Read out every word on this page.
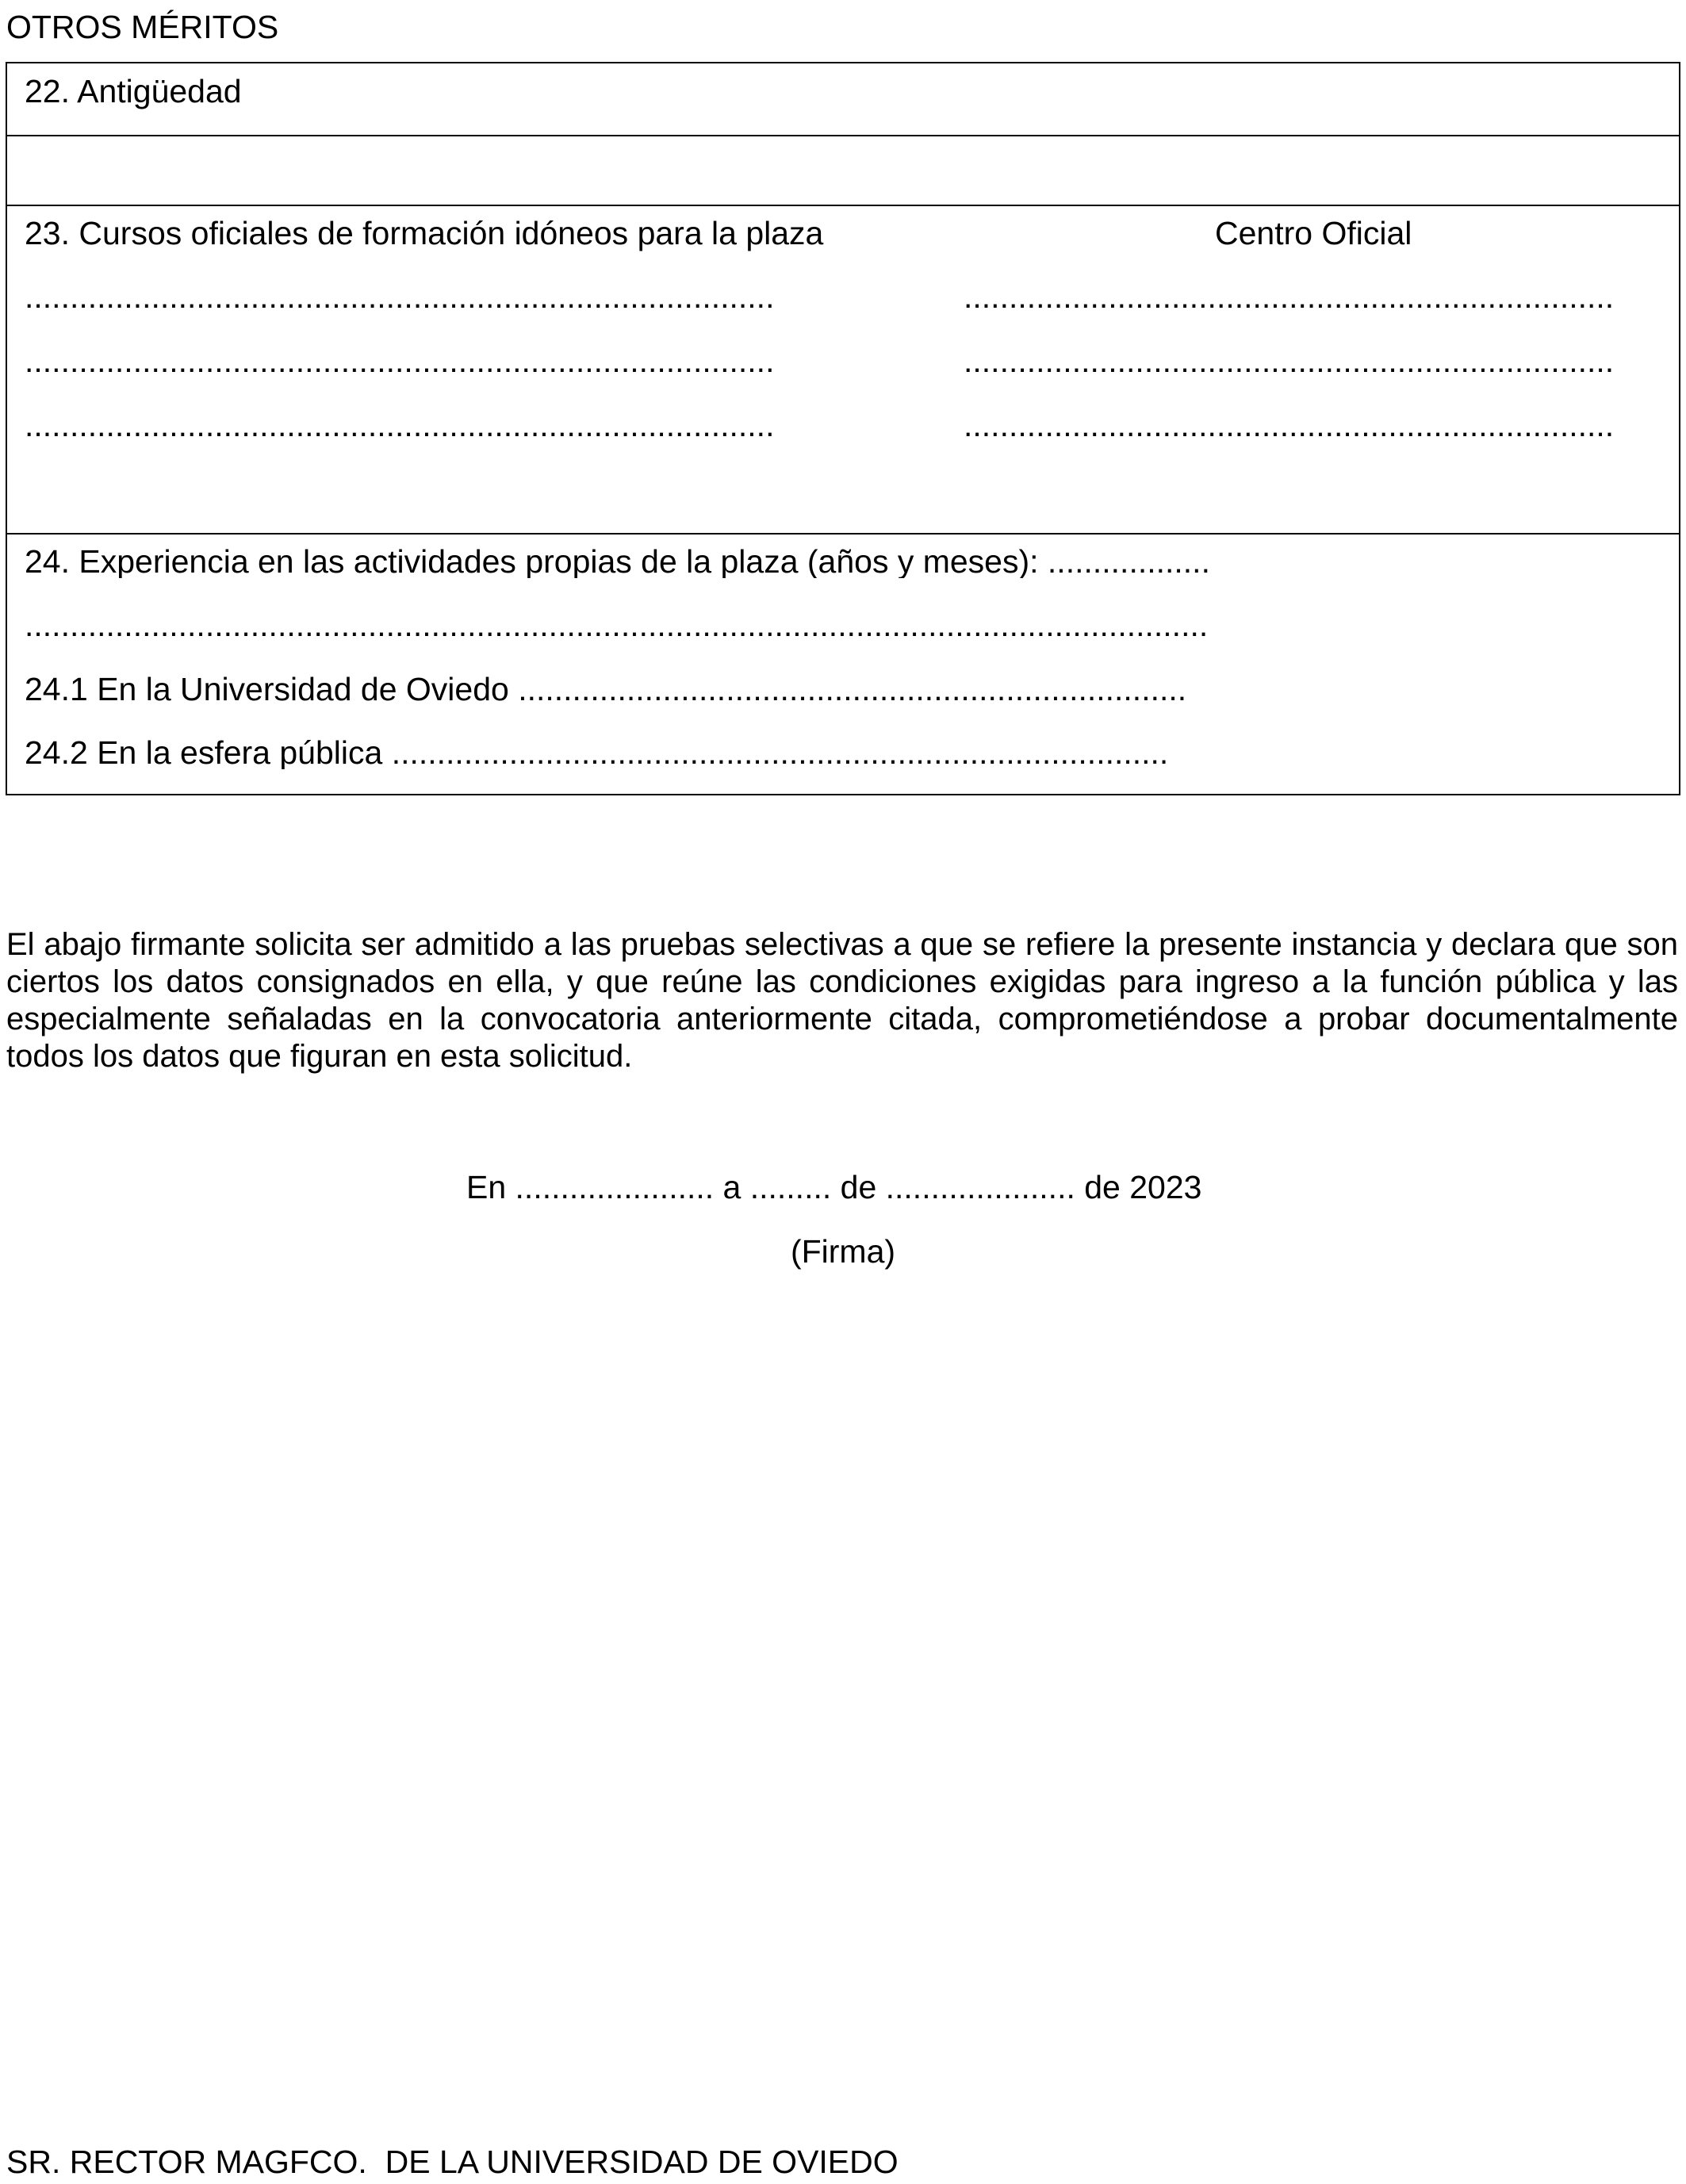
OTROS MÉRITOS
22. Antigüedad
23. Cursos oficiales de formación idóneos para la plaza	Centro Oficial
...................................................................................
...................................................................................
...................................................................................
........................................................................
........................................................................
........................................................................
24. Experiencia en las actividades propias de la plaza (años y meses): ..................
...................................................................................................................................
24.1 En la Universidad de Oviedo ..........................................................................
24.2 En la esfera pública ......................................................................................
El abajo firmante solicita ser admitido a las pruebas selectivas a que se refiere la presente instancia y declara que son ciertos los datos consignados en ella, y que reúne las condiciones exigidas para ingreso a la función pública y las especialmente señaladas en la convocatoria anteriormente citada, comprometiéndose a probar documentalmente todos los datos que figuran en esta solicitud.
En ...................... a ......... de ..................... de 2023
(Firma)
SR. RECTOR MAGFCO.  DE LA UNIVERSIDAD DE OVIEDO
